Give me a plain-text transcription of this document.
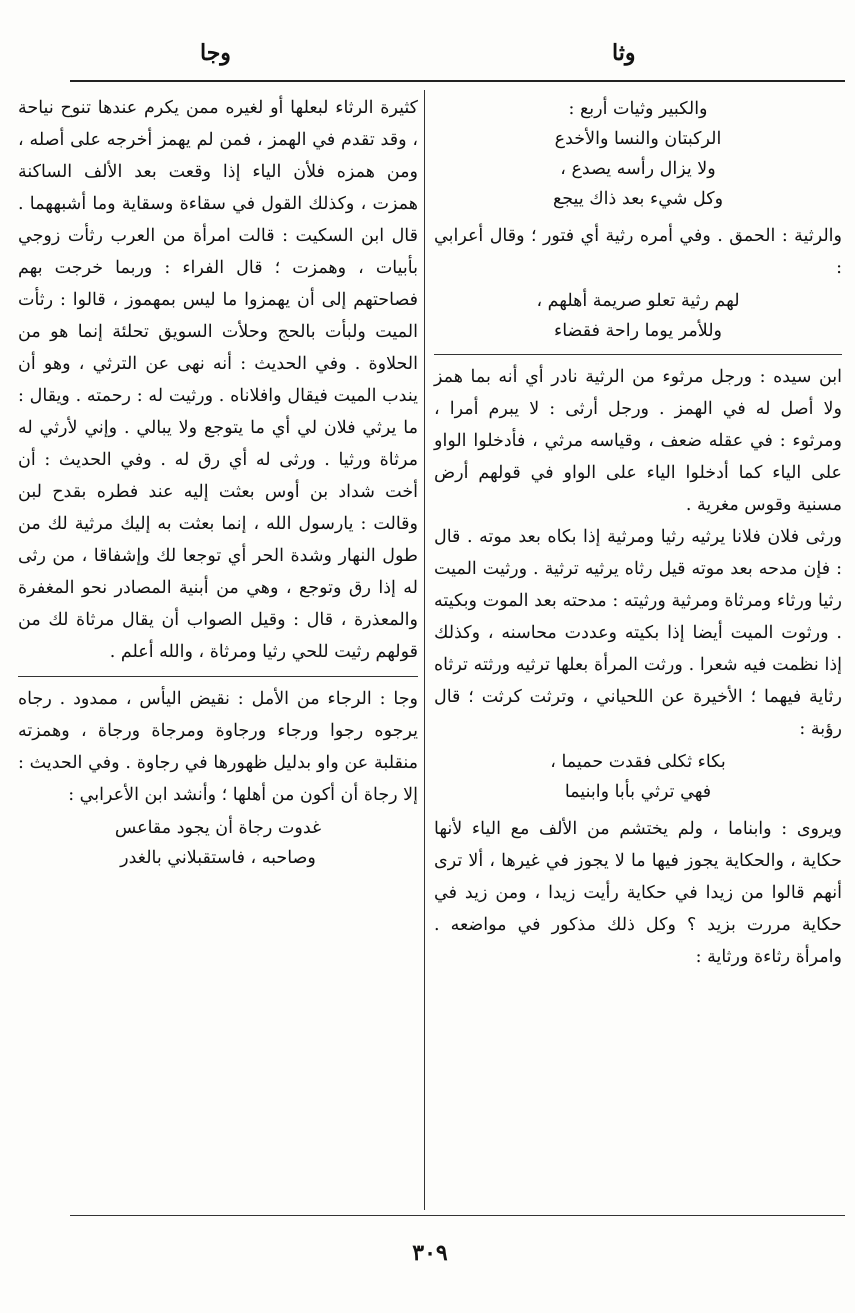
وجا	وثا

والكبير وثيات أربع :

الركبتان والنسا والأخدع

ولا يزال رأسه يصدع ،

وكل شيء بعد ذاك ييجع

والرثية : الحمق . وفي أمره رثية أي فتور ؛ وقال أعرابي :

لهم رثية تعلو صريمة أهلهم ،

وللأمر يوما راحة فقضاء

ابن سيده : ورجل مرثوء من الرثية نادر أي أنه بما همز ولا أصل له في الهمز . ورجل أرثى : لا يبرم أمرا ، ومرثوء : في عقله ضعف ، وقياسه مرثي ، فأدخلوا الواو على الياء كما أدخلوا الياء على الواو في قولهم أرض مسنية وقوس مغرية .

ورثى فلان فلانا يرثيه رثيا ومرثية إذا بكاه بعد موته . قال : فإن مدحه بعد موته قيل رثاه يرثيه ترثية . ورثيت الميت رثيا ورثاء ومرثاة ومرثية ورثيته : مدحته بعد الموت وبكيته . ورثوت الميت أيضا إذا بكيته وعددت محاسنه ، وكذلك إذا نظمت فيه شعرا . ورثت المرأة بعلها ترثيه ورثته ترثاه رثاية فيهما ؛ الأخيرة عن اللحياني ، وترثت كرثت ؛ قال رؤبة :

بكاء ثكلى فقدت حميما ،

فهي ترثي بأبا وابنيما

ويروى : وابناما ، ولم يختشم من الألف مع الياء لأنها حكاية ، والحكاية يجوز فيها ما لا يجوز في غيرها ، ألا ترى أنهم قالوا من زيدا في حكاية رأيت زيدا ، ومن زيد في حكاية مررت بزيد ؟ وكل ذلك مذكور في مواضعه . وامرأة رثاءة ورثاية :

كثيرة الرثاء لبعلها أو لغيره ممن يكرم عندها تنوح نياحة ، وقد تقدم في الهمز ، فمن لم يهمز أخرجه على أصله ، ومن همزه فلأن الياء إذا وقعت بعد الألف الساكنة همزت ، وكذلك القول في سقاءة وسقاية وما أشبههما . قال ابن السكيت : قالت امرأة من العرب رثأت زوجي بأبيات ، وهمزت ؛ قال الفراء : وربما خرجت بهم فصاحتهم إلى أن يهمزوا ما ليس بمهموز ، قالوا : رثأت الميت ولبأت بالحج وحلأت السويق تحلئة إنما هو من الحلاوة . وفي الحديث : أنه نهى عن الترثي ، وهو أن يندب الميت فيقال وافلاناه . ورثيت له : رحمته . ويقال : ما يرثي فلان لي أي ما يتوجع ولا يبالي . وإني لأرثي له مرثاة ورثيا . ورثى له أي رق له . وفي الحديث : أن أخت شداد بن أوس بعثت إليه عند فطره بقدح لبن وقالت : يارسول الله ، إنما بعثت به إليك مرثية لك من طول النهار وشدة الحر أي توجعا لك وإشفاقا ، من رثى له إذا رق وتوجع ، وهي من أبنية المصادر نحو المغفرة والمعذرة ، قال : وقيل الصواب أن يقال مرثاة لك من قولهم رثيت للحي رثيا ومرثاة ، والله أعلم .

وجا : الرجاء من الأمل : نقيض اليأس ، ممدود . رجاه يرجوه رجوا ورجاء ورجاوة ومرجاة ورجاة ، وهمزته منقلبة عن واو بدليل ظهورها في رجاوة . وفي الحديث : إلا رجاة أن أكون من أهلها ؛ وأنشد ابن الأعرابي :

غدوت رجاة أن يجود مقاعس

وصاحبه ، فاستقبلاني بالغدر

٣٠٩
